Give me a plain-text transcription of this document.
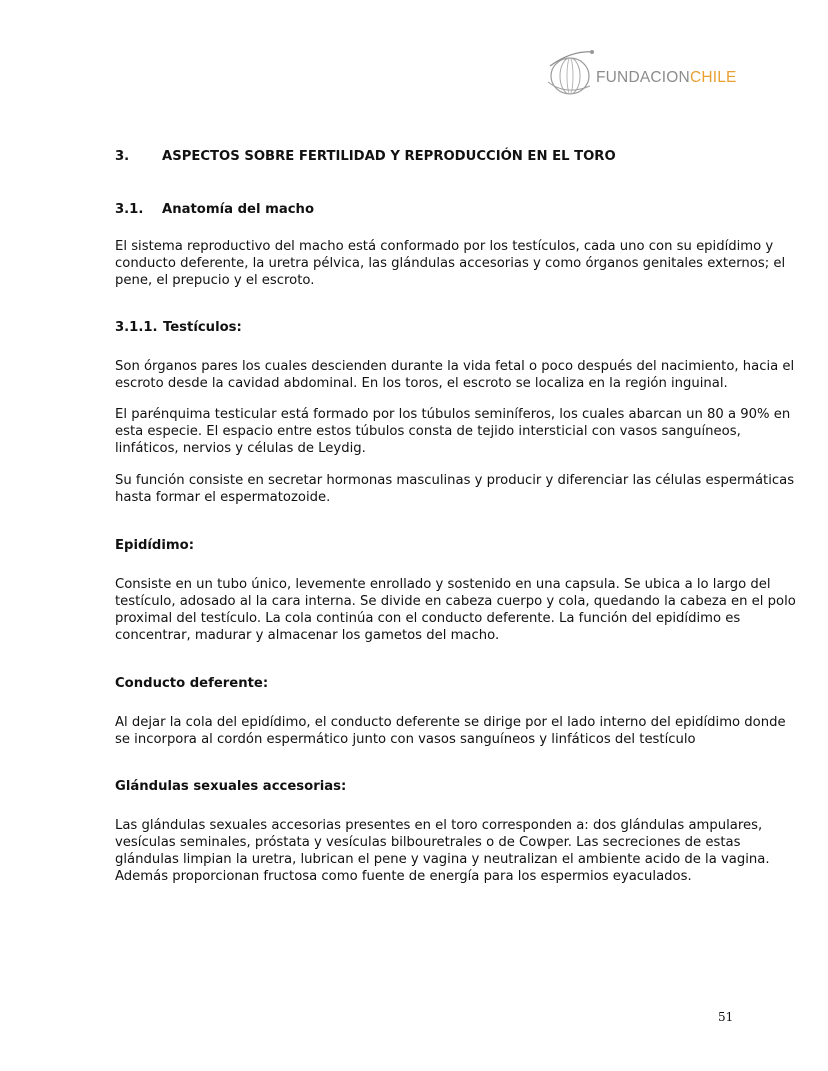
FUNDACIONCHILE
3. ASPECTOS SOBRE FERTILIDAD Y REPRODUCCIÓN EN EL TORO
3.1. Anatomía del macho
El sistema reproductivo del macho está conformado por los testículos, cada uno con su epidídimo y
conducto deferente, la uretra pélvica, las glándulas accesorias y como órganos genitales externos; el
pene, el prepucio y el escroto.
3.1.1. Testículos:
Son órganos pares los cuales descienden durante la vida fetal o poco después del nacimiento, hacia el
escroto desde la cavidad abdominal. En los toros, el escroto se localiza en la región inguinal.
El parénquima testicular está formado por los túbulos seminíferos, los cuales abarcan un 80 a 90% en
esta especie. El espacio entre estos túbulos consta de tejido intersticial con vasos sanguíneos,
linfáticos, nervios y células de Leydig.
Su función consiste en secretar hormonas masculinas y producir y diferenciar las células espermáticas
hasta formar el espermatozoide.
Epidídimo:
Consiste en un tubo único, levemente enrollado y sostenido en una capsula. Se ubica a lo largo del
testículo, adosado al la cara interna. Se divide en cabeza cuerpo y cola, quedando la cabeza en el polo
proximal del testículo. La cola continúa con el conducto deferente. La función del epidídimo es
concentrar, madurar y almacenar los gametos del macho.
Conducto deferente:
Al dejar la cola del epidídimo, el conducto deferente se dirige por el lado interno del epidídimo donde
se incorpora al cordón espermático junto con vasos sanguíneos y linfáticos del testículo
Glándulas sexuales accesorias:
Las glándulas sexuales accesorias presentes en el toro corresponden a: dos glándulas ampulares,
vesículas seminales, próstata y vesículas bilbouretrales o de Cowper. Las secreciones de estas
glándulas limpian la uretra, lubrican el pene y vagina y neutralizan el ambiente acido de la vagina.
Además proporcionan fructosa como fuente de energía para los espermios eyaculados.
51
